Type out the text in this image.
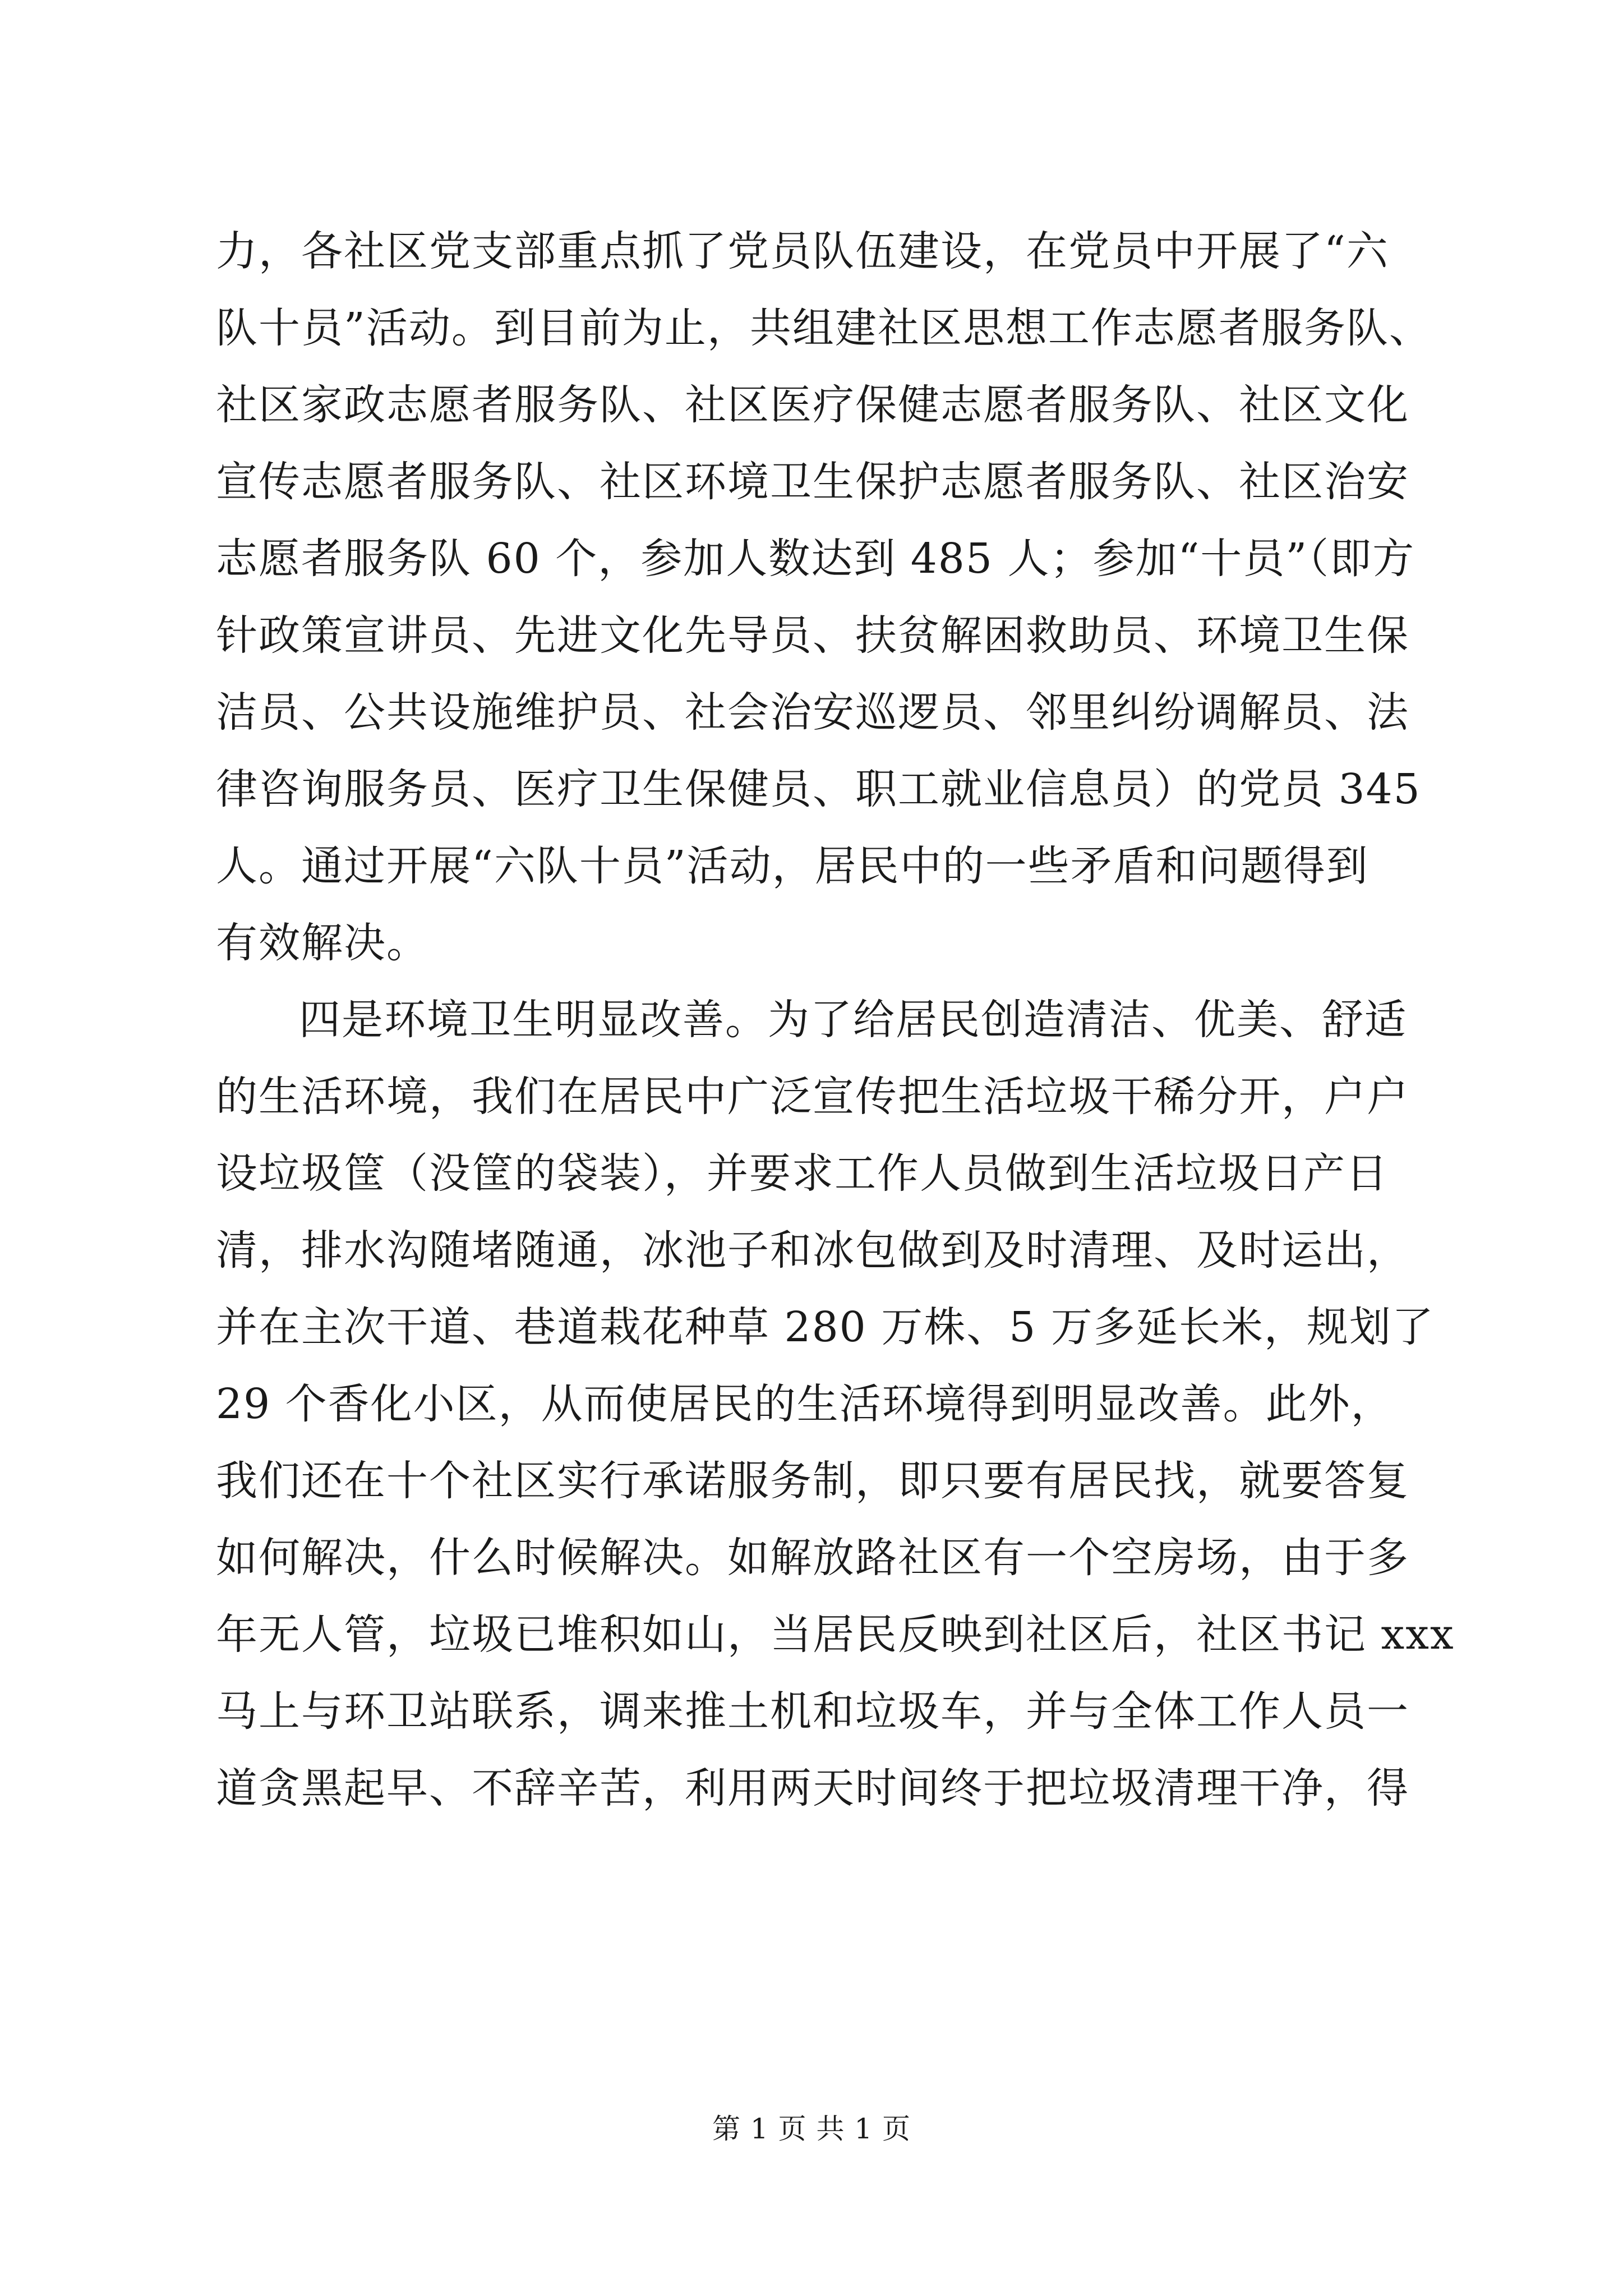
力，各社区党支部重点抓了党员队伍建设，在党员中开展了“六
队十员”活动。到目前为止，共组建社区思想工作志愿者服务队、
社区家政志愿者服务队、社区医疗保健志愿者服务队、社区文化
宣传志愿者服务队、社区环境卫生保护志愿者服务队、社区治安
志愿者服务队 60 个，参加人数达到 485 人；参加“十员”（即方
针政策宣讲员、先进文化先导员、扶贫解困救助员、环境卫生保
洁员、公共设施维护员、社会治安巡逻员、邻里纠纷调解员、法
律咨询服务员、医疗卫生保健员、职工就业信息员）的党员 345
人。通过开展“六队十员”活动，居民中的一些矛盾和问题得到
有效解决。
四是环境卫生明显改善。为了给居民创造清洁、优美、舒适
的生活环境，我们在居民中广泛宣传把生活垃圾干稀分开，户户
设垃圾筐（没筐的袋装），并要求工作人员做到生活垃圾日产日
清，排水沟随堵随通，冰池子和冰包做到及时清理、及时运出，
并在主次干道、巷道栽花种草 280 万株、5 万多延长米，规划了
29 个香化小区，从而使居民的生活环境得到明显改善。此外，
我们还在十个社区实行承诺服务制，即只要有居民找，就要答复
如何解决，什么时候解决。如解放路社区有一个空房场，由于多
年无人管，垃圾已堆积如山，当居民反映到社区后，社区书记 xxx
马上与环卫站联系，调来推土机和垃圾车，并与全体工作人员一
道贪黑起早、不辞辛苦，利用两天时间终于把垃圾清理干净，得
第 1 页 共 1 页
